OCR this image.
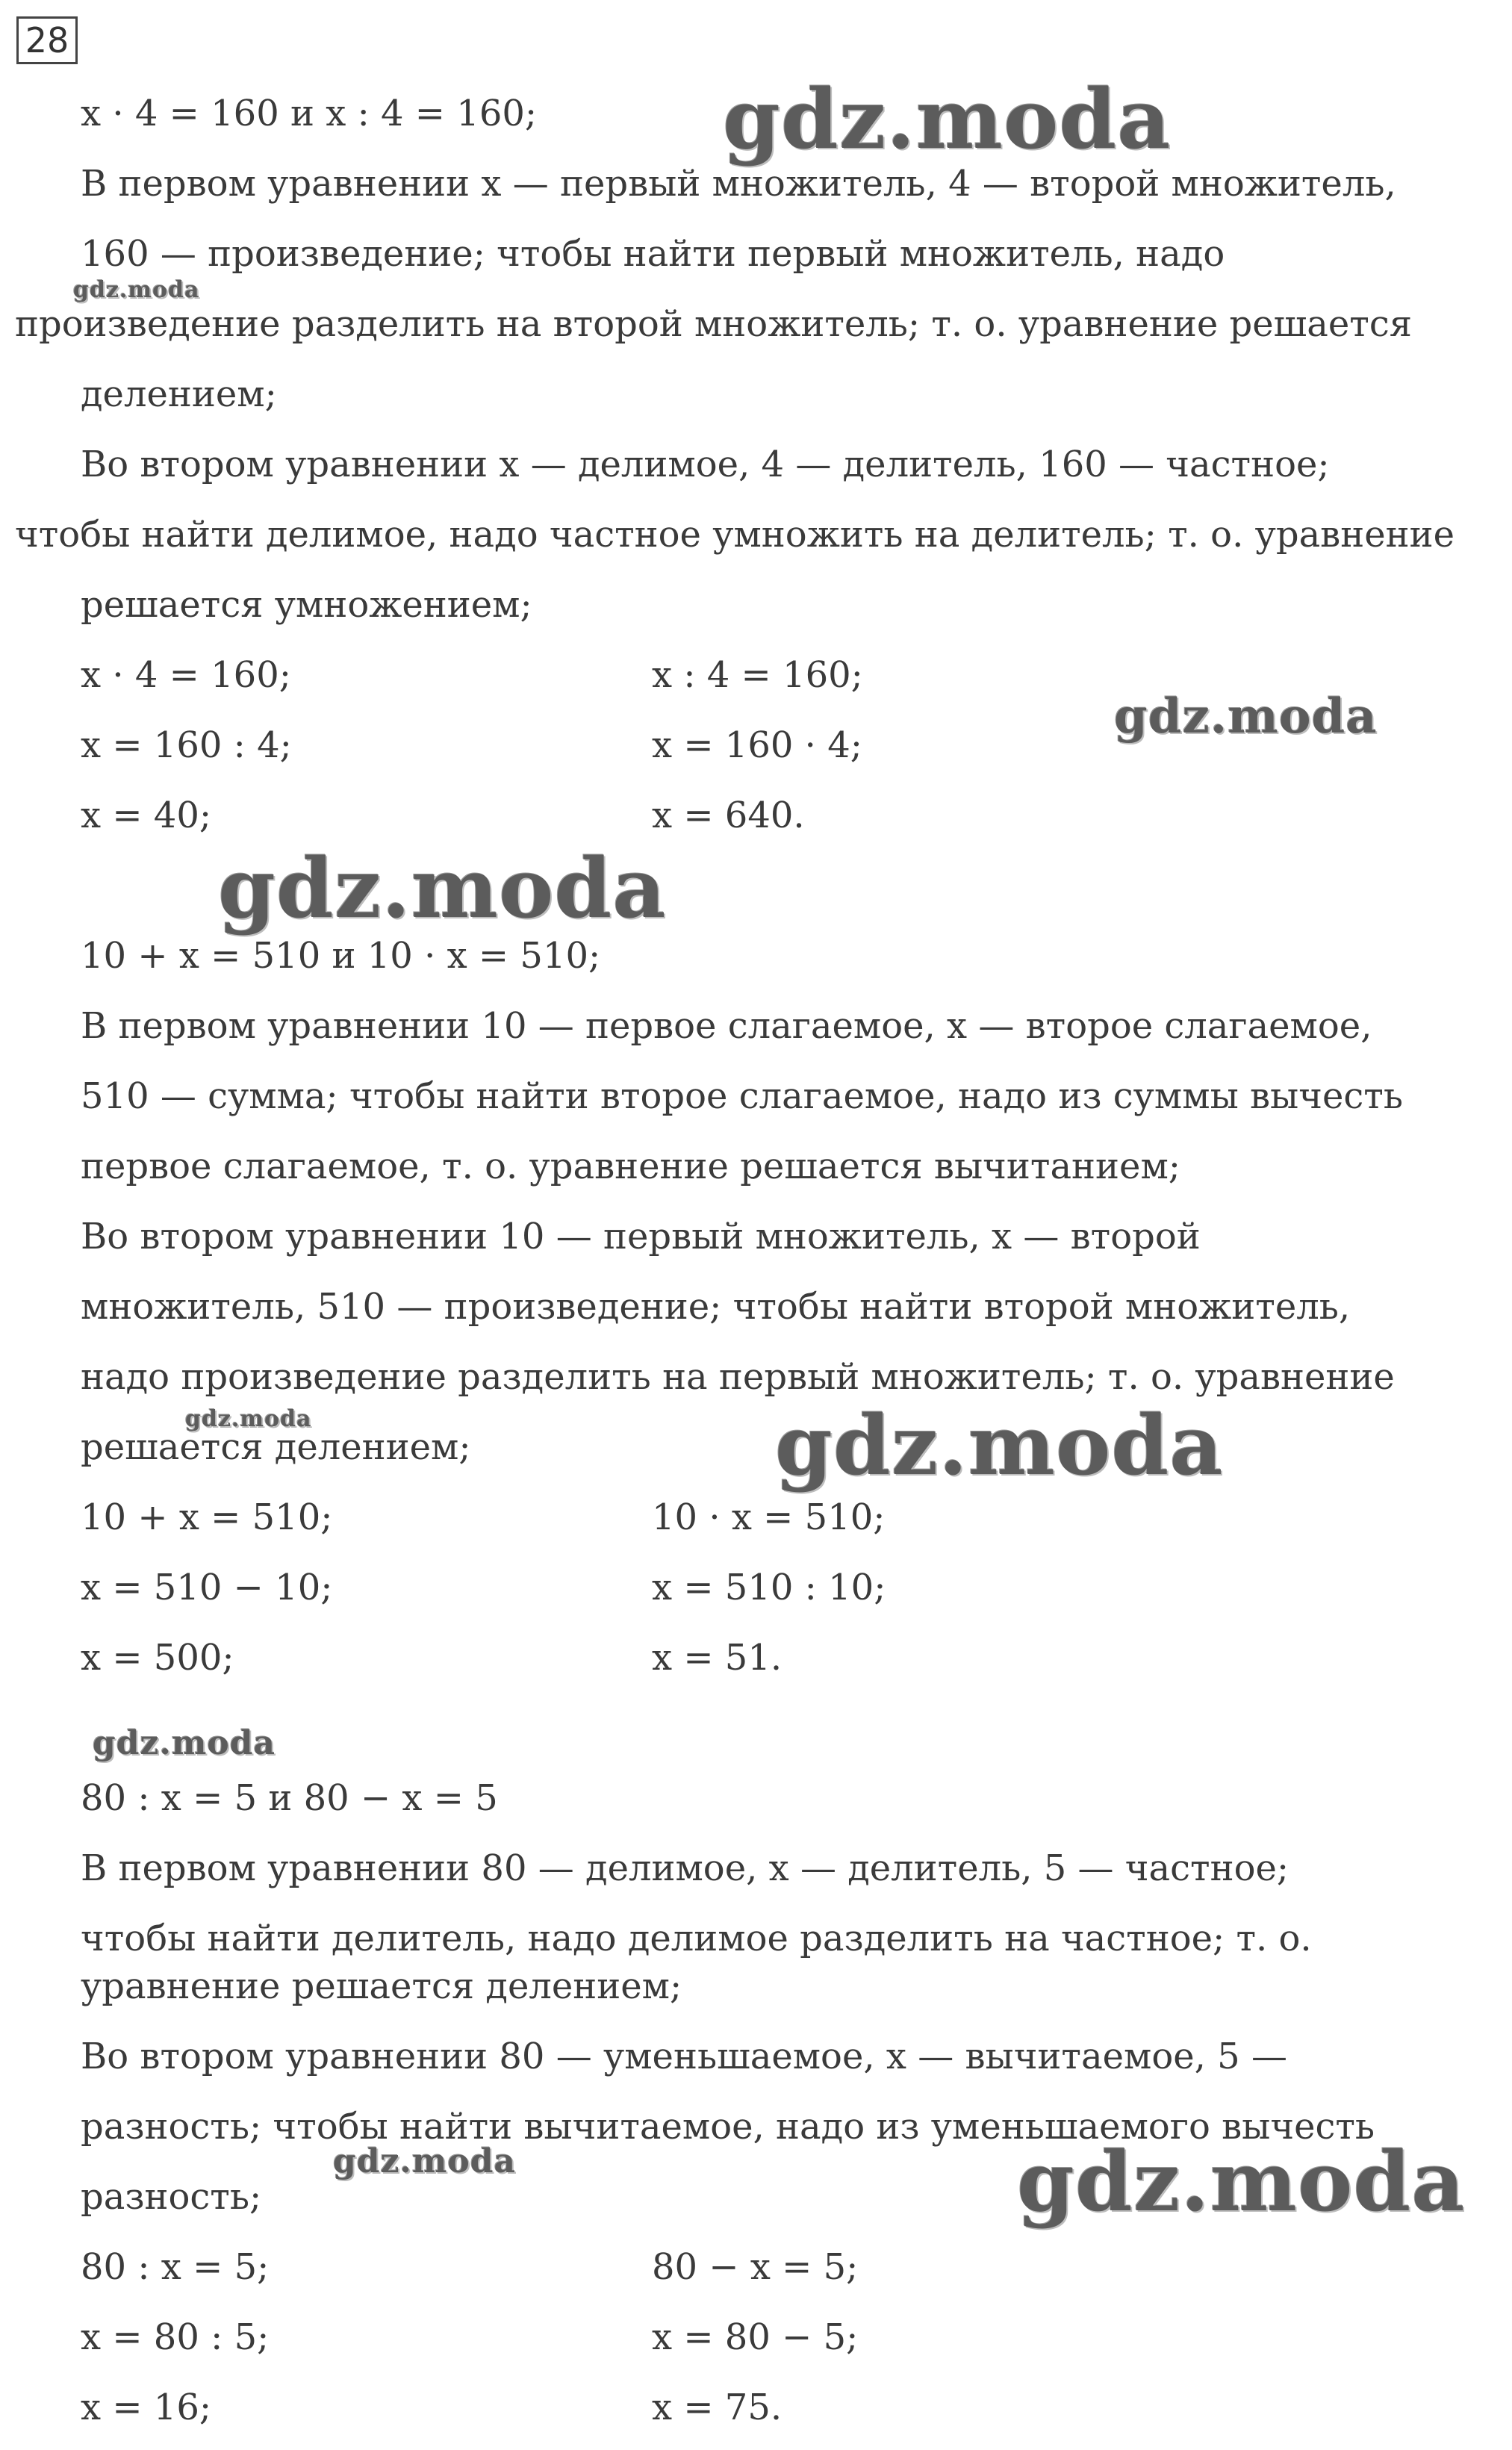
28
x · 4 = 160 и x : 4 = 160;
В первом уравнении x — первый множитель, 4 — второй множитель,
160 — произведение; чтобы найти первый множитель, надо
произведение разделить на второй множитель; т. о. уравнение решается
делением;
Во втором уравнении x — делимое, 4 — делитель, 160 — частное;
чтобы найти делимое, надо частное умножить на делитель; т. о. уравнение
решается умножением;
x · 4 = 160;	x : 4 = 160;
x = 160 : 4;	x = 160 · 4;
x = 40;	x = 640.
10 + x = 510 и 10 · x = 510;
В первом уравнении 10 — первое слагаемое, x — второе слагаемое,
510 — сумма; чтобы найти второе слагаемое, надо из суммы вычесть
первое слагаемое, т. о. уравнение решается вычитанием;
Во втором уравнении 10 — первый множитель, x — второй
множитель, 510 — произведение; чтобы найти второй множитель,
надо произведение разделить на первый множитель; т. о. уравнение
решается делением;
10 + x = 510;	10 · x = 510;
x = 510 − 10;	x = 510 : 10;
x = 500;	x = 51.
80 : x = 5 и 80 − x = 5
В первом уравнении 80 — делимое, x — делитель, 5 — частное;
чтобы найти делитель, надо делимое разделить на частное; т. о.
уравнение решается делением;
Во втором уравнении 80 — уменьшаемое, x — вычитаемое, 5 —
разность; чтобы найти вычитаемое, надо из уменьшаемого вычесть
разность;
80 : x = 5;	80 − x = 5;
x = 80 : 5;	x = 80 − 5;
x = 16;	x = 75.
gdz.moda
gdz.moda
gdz.moda
gdz.moda
gdz.moda	gdz.moda
gdz.moda
gdz.moda	gdz.moda
